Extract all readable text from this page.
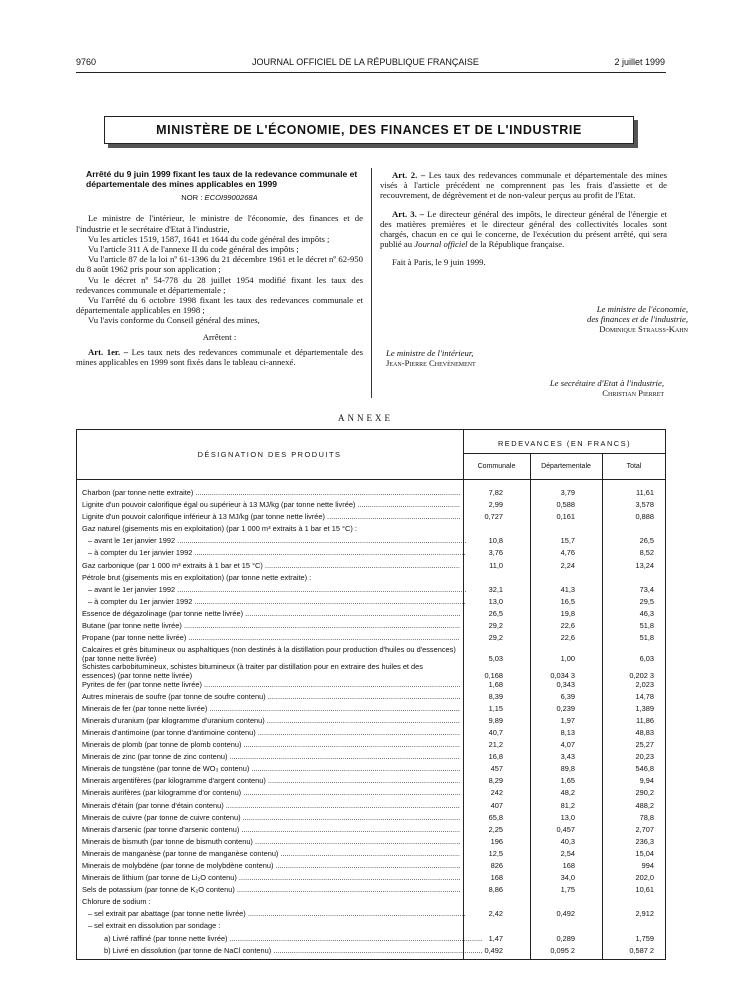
9760	JOURNAL OFFICIEL DE LA RÉPUBLIQUE FRANÇAISE	2 juillet 1999
MINISTÈRE DE L'ÉCONOMIE, DES FINANCES ET DE L'INDUSTRIE

Arrêté du 9 juin 1999 fixant les taux de la redevance communale et départementale des mines applicables en 1999

NOR : ECOI9900268A

Le ministre de l'intérieur, le ministre de l'économie, des finances et de l'industrie et le secrétaire d'Etat à l'industrie,

Vu les articles 1519, 1587, 1641 et 1644 du code général des impôts ;

Vu l'article 311 A de l'annexe II du code général des impôts ;

Vu l'article 87 de la loi nº 61-1396 du 21 décembre 1961 et le décret nº 62-950 du 8 août 1962 pris pour son application ;

Vu le décret nº 54-778 du 28 juillet 1954 modifié fixant les taux des redevances communale et départementale ;

Vu l'arrêté du 6 octobre 1998 fixant les taux des redevances communale et départementale applicables en 1998 ;

Vu l'avis conforme du Conseil général des mines,

Arrêtent :

Art. 1er. – Les taux nets des redevances communale et départementale des mines applicables en 1999 sont fixés dans le tableau ci-annexé.

Art. 2. – Les taux des redevances communale et départementale des mines visés à l'article précédent ne comprennent pas les frais d'assiette et de recouvrement, de dégrèvement et de non-valeur perçus au profit de l'Etat.

Art. 3. – Le directeur général des impôts, le directeur général de l'énergie et des matières premières et le directeur général des collectivités locales sont chargés, chacun en ce qui le concerne, de l'exécution du présent arrêté, qui sera publié au Journal officiel de la République française.

Fait à Paris, le 9 juin 1999.

Le ministre de l'économie,
des finances et de l'industrie,
Dominique Strauss-Kahn
Le ministre de l'intérieur,
Jean-Pierre Chevènement
Le secrétaire d'Etat à l'industrie,
Christian Pierret
ANNEXE
DÉSIGNATION DES PRODUITS
REDEVANCES (EN FRANCS)
Communale	Départementale	Total
Charbon (par tonne nette extraite) .....	7,82	3,79	11,61
Lignite d'un pouvoir calorifique égal ou supérieur à 13 MJ/kg (par tonne nette livrée) .....	2,99	0,588	3,578
Lignite d'un pouvoir calorifique inférieur à 13 MJ/kg (par tonne nette livrée) .....	0,727	0,161	0,888
Gaz naturel (gisements mis en exploitation) (par 1 000 m³ extraits à 1 bar et 15 °C) :
– avant le 1er janvier 1992 .....	10,8	15,7	26,5
– à compter du 1er janvier 1992 .....	3,76	4,76	8,52
Gaz carbonique (par 1 000 m³ extraits à 1 bar et 15 °C) .....	11,0	2,24	13,24
Pétrole brut (gisements mis en exploitation) (par tonne nette extraite) :
– avant le 1er janvier 1992 .....	32,1	41,3	73,4
– à compter du 1er janvier 1992 .....	13,0	16,5	29,5
Essence de dégazolinage (par tonne nette livrée) .....	26,5	19,8	46,3
Butane (par tonne nette livrée) .....	29,2	22,6	51,8
Propane (par tonne nette livrée) .....	29,2	22,6	51,8
Calcaires et grès bitumineux ou asphaltiques (non destinés à la distillation pour production d'huiles ou d'essences) (par tonne nette livrée)	5,03	1,00	6,03
Schistes carbobitumineux, schistes bitumineux (à traiter par distillation pour en extraire des huiles et des essences) (par tonne nette livrée)	0,168	0,034 3	0,202 3
Pyrites de fer (par tonne nette livrée) .....	1,68	0,343	2,023
Autres minerais de soufre (par tonne de soufre contenu) .....	8,39	6,39	14,78
Minerais de fer (par tonne nette livrée) .....	1,15	0,239	1,389
Minerais d'uranium (par kilogramme d'uranium contenu) .....	9,89	1,97	11,86
Minerais d'antimoine (par tonne d'antimoine contenu) .....	40,7	8,13	48,83
Minerais de plomb (par tonne de plomb contenu) .....	21,2	4,07	25,27
Minerais de zinc (par tonne de zinc contenu) .....	16,8	3,43	20,23
Minerais de tungstène (par tonne de WO₃ contenu) .....	457	89,8	546,8
Minerais argentifères (par kilogramme d'argent contenu) .....	8,29	1,65	9,94
Minerais aurifères (par kilogramme d'or contenu) .....	242	48,2	290,2
Minerais d'étain (par tonne d'étain contenu) .....	407	81,2	488,2
Minerais de cuivre (par tonne de cuivre contenu) .....	65,8	13,0	78,8
Minerais d'arsenic (par tonne d'arsenic contenu) .....	2,25	0,457	2,707
Minerais de bismuth (par tonne de bismuth contenu) .....	196	40,3	236,3
Minerais de manganèse (par tonne de manganèse contenu) .....	12,5	2,54	15,04
Minerais de molybdène (par tonne de molybdène contenu) .....	826	168	994
Minerais de lithium (par tonne de Li₂O contenu) .....	168	34,0	202,0
Sels de potassium (par tonne de K₂O contenu) .....	8,86	1,75	10,61
Chlorure de sodium :
– sel extrait par abattage (par tonne nette livrée) .....	2,42	0,492	2,912
– sel extrait en dissolution par sondage :
a) Livré raffiné (par tonne nette livrée) .....	1,47	0,289	1,759
b) Livré en dissolution (par tonne de NaCl contenu) .....	0,492	0,095 2	0,587 2
